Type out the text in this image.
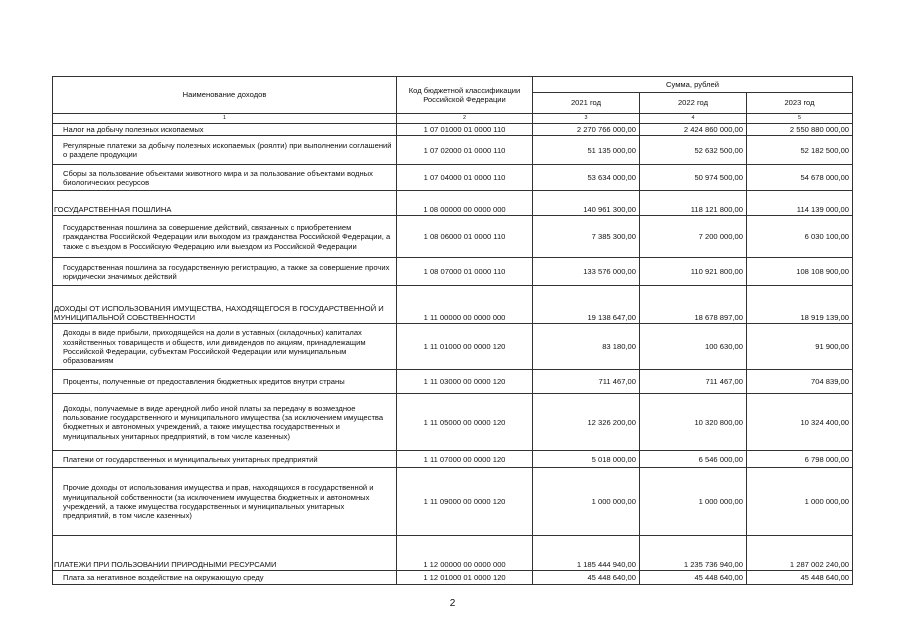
Наименование доходов	Код бюджетной классификации Российской Федерации	Сумма, рублей		
		2021 год	2022 год	2023 год
1	2	3	4	5
Налог на добычу полезных ископаемых	1 07 01000 01 0000 110	2 270 766 000,00	2 424 860 000,00	2 550 880 000,00
Регулярные платежи за добычу полезных ископаемых (роялти) при выполнении соглашений о разделе продукции	1 07 02000 01 0000 110	51 135 000,00	52 632 500,00	52 182 500,00
Сборы за пользование объектами животного мира и за пользование объектами водных биологических ресурсов	1 07 04000 01 0000 110	53 634 000,00	50 974 500,00	54 678 000,00
ГОСУДАРСТВЕННАЯ ПОШЛИНА	1 08 00000 00 0000 000	140 961 300,00	118 121 800,00	114 139 000,00
Государственная пошлина за совершение действий, связанных с приобретением гражданства Российской Федерации или выходом из гражданства Российской Федерации, а также с въездом в Российскую Федерацию или выездом из Российской Федерации	1 08 06000 01 0000 110	7 385 300,00	7 200 000,00	6 030 100,00
Государственная пошлина за государственную регистрацию, а также за совершение прочих юридически значимых действий	1 08 07000 01 0000 110	133 576 000,00	110 921 800,00	108 108 900,00
ДОХОДЫ ОТ ИСПОЛЬЗОВАНИЯ ИМУЩЕСТВА, НАХОДЯЩЕГОСЯ В ГОСУДАРСТВЕННОЙ И МУНИЦИПАЛЬНОЙ СОБСТВЕННОСТИ	1 11 00000 00 0000 000	19 138 647,00	18 678 897,00	18 919 139,00
Доходы в виде прибыли, приходящейся на доли в уставных (складочных) капиталах хозяйственных товариществ и обществ, или дивидендов по акциям, принадлежащим Российской Федерации, субъектам Российской Федерации или муниципальным образованиям	1 11 01000 00 0000 120	83 180,00	100 630,00	91 900,00
Проценты, полученные от предоставления бюджетных кредитов внутри страны	1 11 03000 00 0000 120	711 467,00	711 467,00	704 839,00
Доходы, получаемые в виде арендной либо иной платы за передачу в возмездное пользование государственного и муниципального имущества (за исключением имущества бюджетных и автономных учреждений, а также имущества государственных и муниципальных унитарных предприятий, в том числе казенных)	1 11 05000 00 0000 120	12 326 200,00	10 320 800,00	10 324 400,00
Платежи от государственных и муниципальных унитарных предприятий	1 11 07000 00 0000 120	5 018 000,00	6 546 000,00	6 798 000,00
Прочие доходы от использования имущества и прав, находящихся в государственной и муниципальной собственности (за исключением имущества бюджетных и автономных учреждений, а также имущества государственных и муниципальных унитарных предприятий, в том числе казенных)	1 11 09000 00 0000 120	1 000 000,00	1 000 000,00	1 000 000,00
ПЛАТЕЖИ ПРИ ПОЛЬЗОВАНИИ ПРИРОДНЫМИ РЕСУРСАМИ	1 12 00000 00 0000 000	1 185 444 940,00	1 235 736 940,00	1 287 002 240,00
Плата за негативное воздействие на окружающую среду	1 12 01000 01 0000 120	45 448 640,00	45 448 640,00	45 448 640,00
2
